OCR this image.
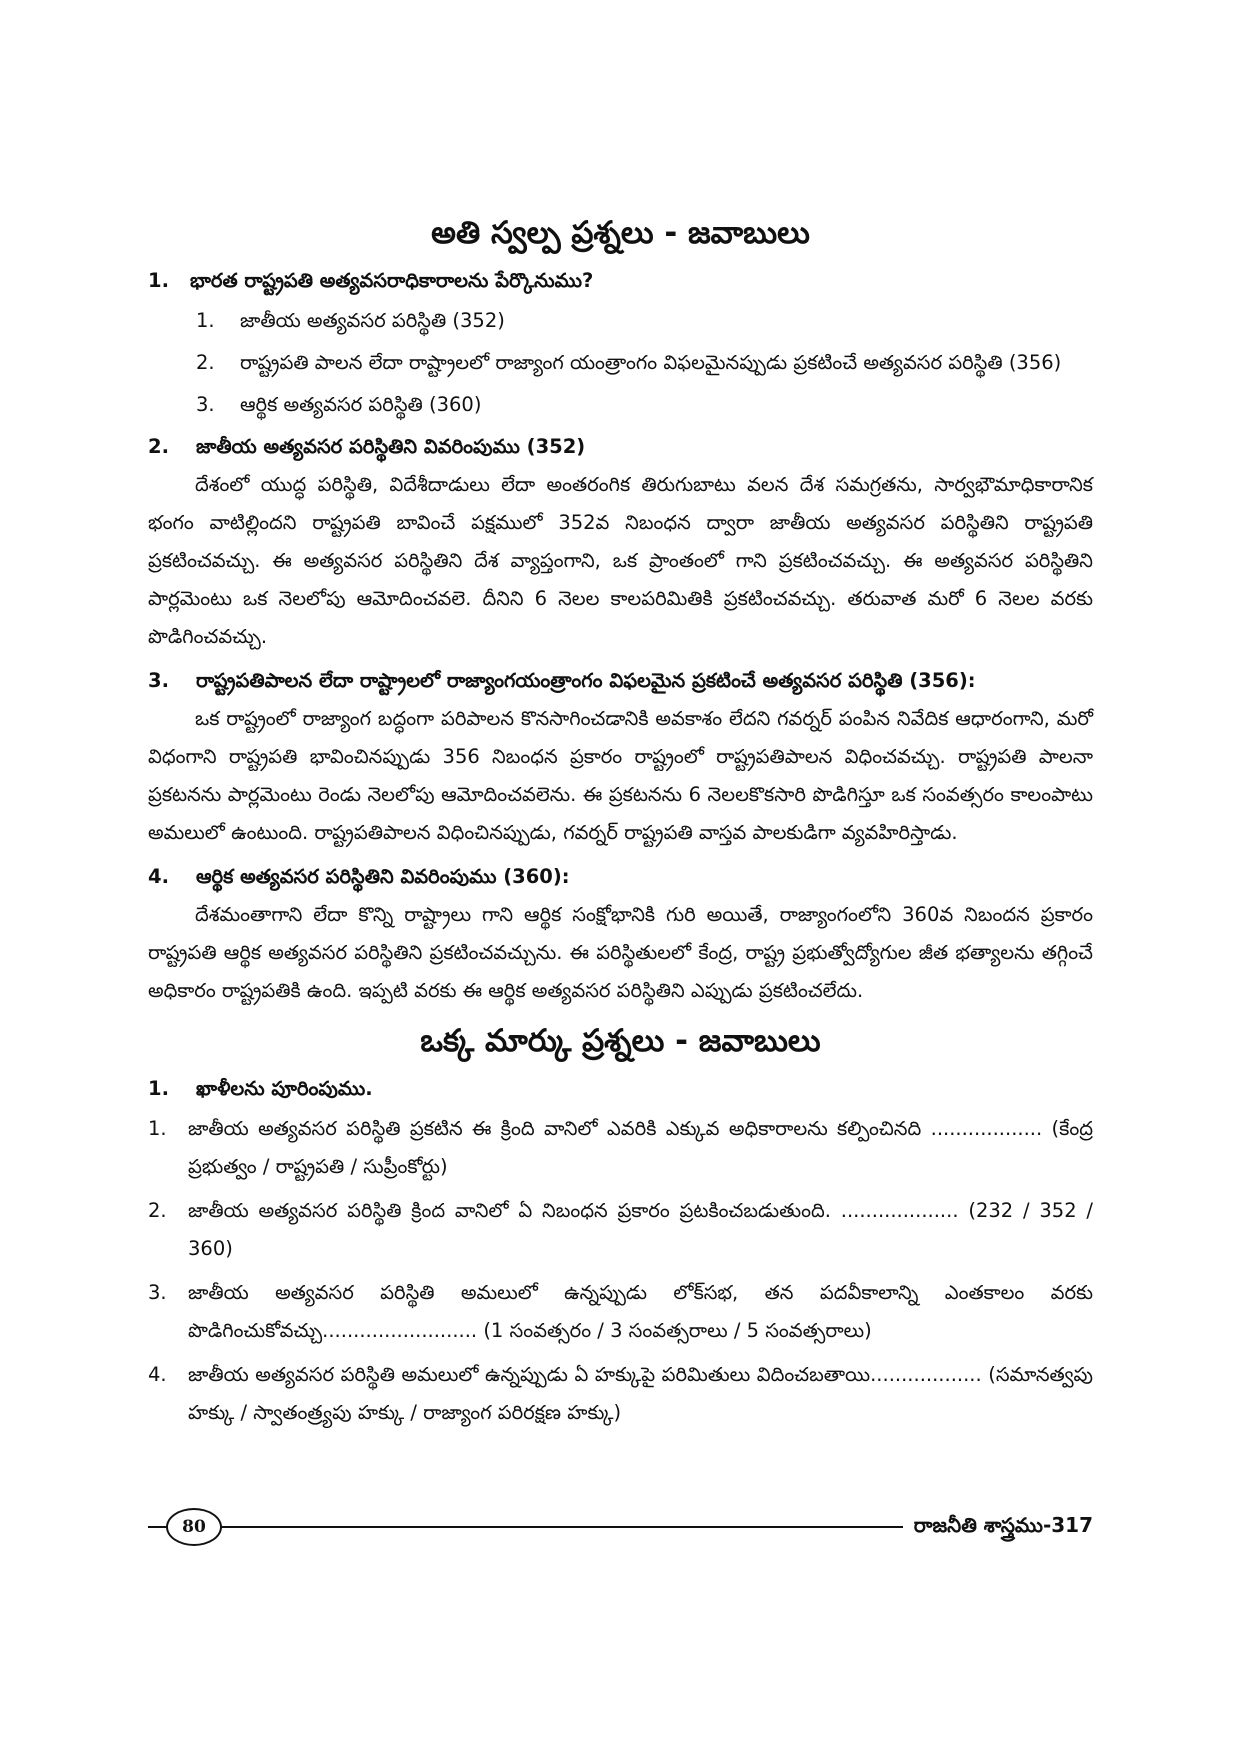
అతి స్వల్ప ప్రశ్నలు - జవాబులు
1.	భారత రాష్ట్రపతి అత్యవసరాధికారాలను పేర్కొనుము?
1.	జాతీయ అత్యవసర పరిస్థితి (352)
2.	రాష్ట్రపతి పాలన లేదా రాష్ట్రాలలో రాజ్యాంగ యంత్రాంగం విఫలమైనప్పుడు ప్రకటించే అత్యవసర పరిస్థితి (356)
3.	ఆర్థిక అత్యవసర పరిస్థితి (360)
2.	జాతీయ అత్యవసర పరిస్థితిని వివరింపుము (352)
దేశంలో యుద్ధ పరిస్థితి, విదేశీదాడులు లేదా అంతరంగిక తిరుగుబాటు వలన దేశ సమగ్రతను, సార్వభౌమాధికారానిక భంగం వాటిల్లిందని రాష్ట్రపతి బావించే పక్షములో 352వ నిబంధన ద్వారా జాతీయ అత్యవసర పరిస్థితిని రాష్ట్రపతి ప్రకటించవచ్చు. ఈ అత్యవసర పరిస్థితిని దేశ వ్యాప్తంగాని, ఒక ప్రాంతంలో గాని ప్రకటించవచ్చు. ఈ అత్యవసర పరిస్థితిని పార్లమెంటు ఒక నెలలోపు ఆమోదించవలె. దీనిని 6 నెలల కాలపరిమితికి ప్రకటించవచ్చు. తరువాత మరో 6 నెలల వరకు పొడిగించవచ్చు.
3.	రాష్ట్రపతిపాలన లేదా రాష్ట్రాలలో రాజ్యాంగయంత్రాంగం విఫలమైన ప్రకటించే అత్యవసర పరిస్థితి (356):
ఒక రాష్ట్రంలో రాజ్యాంగ బద్ధంగా పరిపాలన కొనసాగించడానికి అవకాశం లేదని గవర్నర్ పంపిన నివేదిక ఆధారంగాని, మరో విధంగాని రాష్ట్రపతి భావించినప్పుడు 356 నిబంధన ప్రకారం రాష్ట్రంలో రాష్ట్రపతిపాలన విధించవచ్చు. రాష్ట్రపతి పాలనా ప్రకటనను పార్లమెంటు రెండు నెలలోపు ఆమోదించవలెను. ఈ ప్రకటనను 6 నెలలకొకసారి పొడిగిస్తూ ఒక సంవత్సరం కాలంపాటు అమలులో ఉంటుంది. రాష్ట్రపతిపాలన విధించినప్పుడు, గవర్నర్ రాష్ట్రపతి వాస్తవ పాలకుడిగా వ్యవహిరిస్తాడు.
4.	ఆర్థిక అత్యవసర పరిస్థితిని వివరింపుము (360):
దేశమంతాగాని లేదా కొన్ని రాష్ట్రాలు గాని ఆర్థిక సంక్షోభానికి గురి అయితే, రాజ్యాంగంలోని 360వ నిబందన ప్రకారం రాష్ట్రపతి ఆర్థిక అత్యవసర పరిస్థితిని ప్రకటించవచ్చును. ఈ పరిస్థితులలో కేంద్ర, రాష్ట్ర ప్రభుత్వోద్యోగుల జీత భత్యాలను తగ్గించే అధికారం రాష్ట్రపతికి ఉంది. ఇప్పటి వరకు ఈ ఆర్థిక అత్యవసర పరిస్థితిని ఎప్పుడు ప్రకటించలేదు.
ఒక్క మార్కు ప్రశ్నలు - జవాబులు
1.	ఖాళీలను పూరింపుము.
1.	జాతీయ అత్యవసర పరిస్థితి ప్రకటిన ఈ క్రింది వానిలో ఎవరికి ఎక్కువ అధికారాలను కల్పించినది .................. (కేంద్ర ప్రభుత్వం / రాష్ట్రపతి / సుప్రీంకోర్టు)
2.	జాతీయ అత్యవసర పరిస్థితి క్రింద వానిలో ఏ నిబంధన ప్రకారం ప్రటకించబడుతుంది. ................... (232 / 352 / 360)
3.	జాతీయ అత్యవసర పరిస్థితి అమలులో ఉన్నప్పుడు లోక్‌సభ, తన పదవీకాలాన్ని ఎంతకాలం వరకు పొడిగించుకోవచ్చు......................... (1 సంవత్సరం / 3 సంవత్సరాలు / 5 సంవత్సరాలు)
4.	జాతీయ అత్యవసర పరిస్థితి అమలులో ఉన్నప్పుడు ఏ హక్కుపై పరిమితులు విదించబతాయి.................. (సమానత్వపు హక్కు / స్వాతంత్ర్యపు హక్కు / రాజ్యాంగ పరిరక్షణ హక్కు)
80	రాజనీతి శాస్త్రము-317
